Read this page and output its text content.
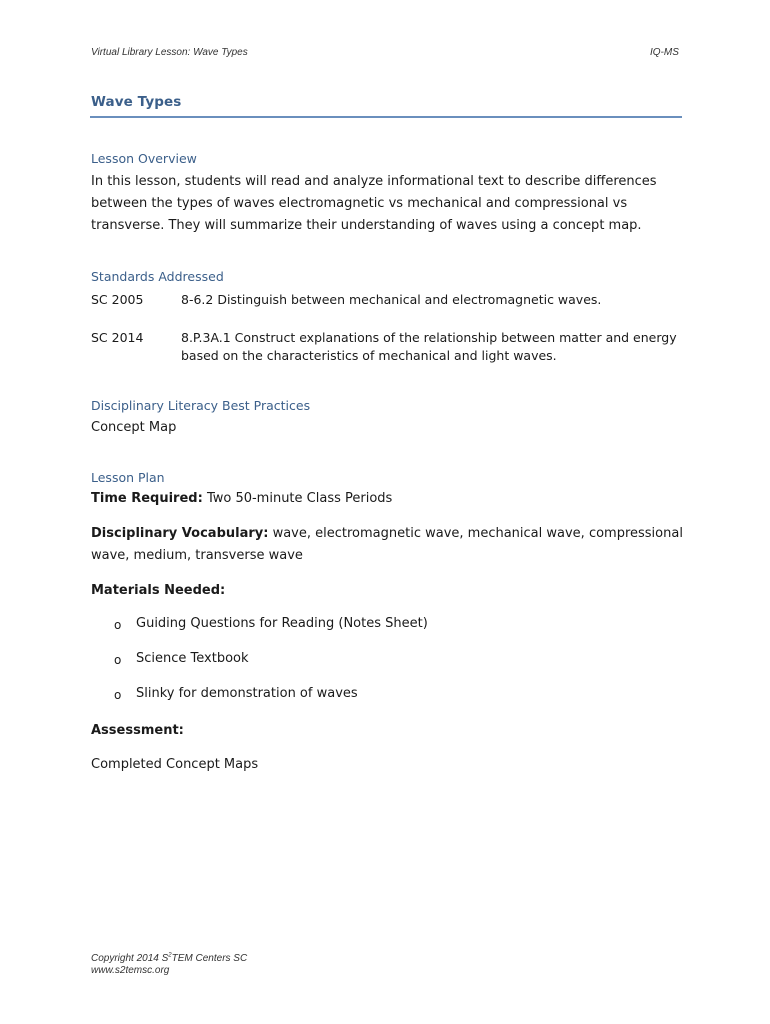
Virtual Library Lesson: Wave Types	IQ-MS
Wave Types
Lesson Overview
In this lesson, students will read and analyze informational text to describe differences between the types of waves electromagnetic vs mechanical and compressional vs transverse. They will summarize their understanding of waves using a concept map.
Standards Addressed
SC 2005	8-6.2 Distinguish between mechanical and electromagnetic waves.
SC 2014	8.P.3A.1 Construct explanations of the relationship between matter and energy based on the characteristics of mechanical and light waves.
Disciplinary Literacy Best Practices
Concept Map
Lesson Plan
Time Required: Two 50-minute Class Periods
Disciplinary Vocabulary: wave, electromagnetic wave, mechanical wave, compressional wave, medium, transverse wave
Materials Needed:
o Guiding Questions for Reading (Notes Sheet)
o Science Textbook
o Slinky for demonstration of waves
Assessment:
Completed Concept Maps
Copyright 2014 $S^2TEM$ Centers SC
www.s2temsc.org
